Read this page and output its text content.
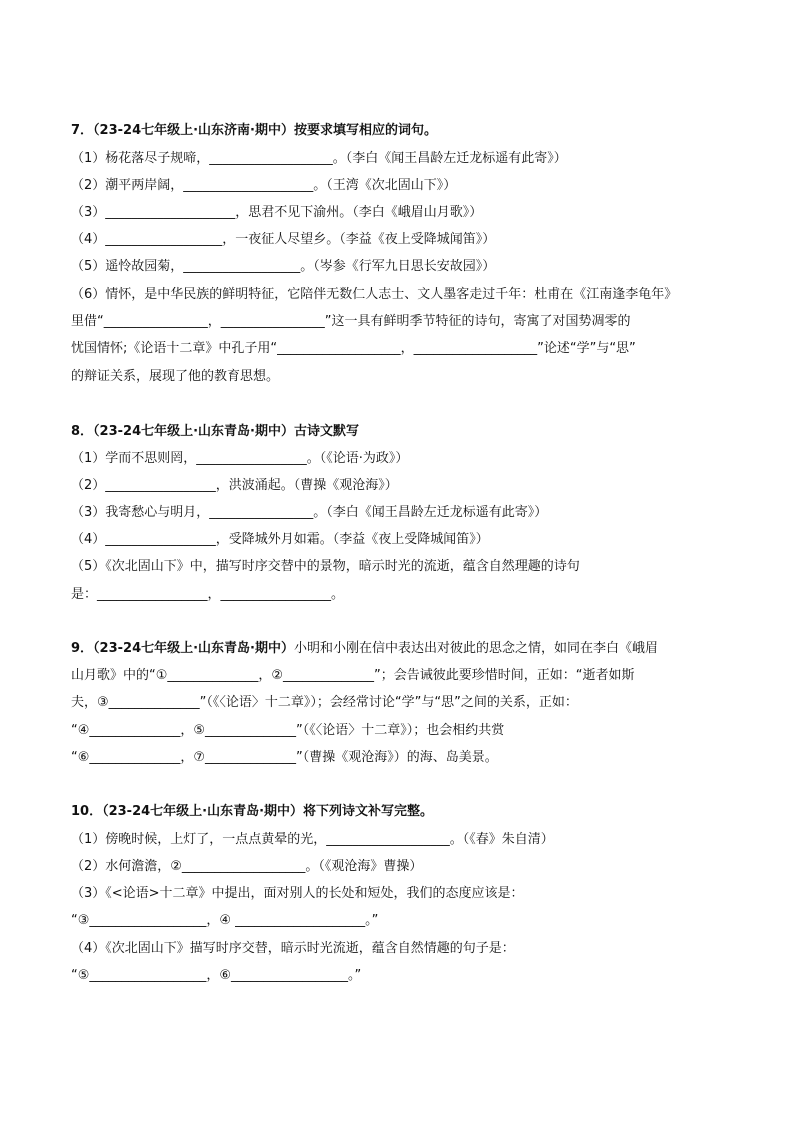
7．（23-24七年级上·山东济南·期中）按要求填写相应的词句。
（1）杨花落尽子规啼，___________________。（李白《闻王昌龄左迁龙标遥有此寄》）
（2）潮平两岸阔，____________________。（王湾《次北固山下》）
（3）____________________，思君不见下渝州。（李白《峨眉山月歌》）
（4）__________________，一夜征人尽望乡。（李益《夜上受降城闻笛》）
（5）遥怜故园菊，__________________。（岑参《行军九日思长安故园》）
（6）情怀，是中华民族的鲜明特征，它陪伴无数仁人志士、文人墨客走过千年：杜甫在《江南逢李龟年》
里借“________________，________________”这一具有鲜明季节特征的诗句，寄寓了对国势凋零的
忧国情怀;《论语十二章》中孔子用“___________________，___________________”论述“学”与“思”
的辩证关系，展现了他的教育思想。
8．（23-24七年级上·山东青岛·期中）古诗文默写
（1）学而不思则罔，_________________。（《论语·为政》）
（2）_________________，洪波涌起。（曹操《观沧海》）
（3）我寄愁心与明月，________________。（李白《闻王昌龄左迁龙标遥有此寄》）
（4）_________________，受降城外月如霜。（李益《夜上受降城闻笛》）
（5）《次北固山下》中，描写时序交替中的景物，暗示时光的流逝，蕴含自然理趣的诗句
是：_________________，_________________。
9．（23-24七年级上·山东青岛·期中）小明和小刚在信中表达出对彼此的思念之情，如同在李白《峨眉
山月歌》中的“①______________，②______________”；会告诫彼此要珍惜时间，正如：“逝者如斯
夫，③______________”（《〈论语〉十二章》）；会经常讨论“学”与“思”之间的关系，正如：
“④______________，⑤______________”（《〈论语〉十二章》）；也会相约共赏
“⑥______________，⑦______________”（曹操《观沧海》）的海、岛美景。
10．（23-24七年级上·山东青岛·期中）将下列诗文补写完整。
（1）傍晚时候，上灯了，一点点黄晕的光，___________________。（《春》朱自清）
（2）水何澹澹，②___________________。（《观沧海》曹操）
（3）《<论语>十二章》中提出，面对别人的长处和短处，我们的态度应该是：
“③__________________，④ ____________________。”
（4）《次北固山下》描写时序交替，暗示时光流逝，蕴含自然情趣的句子是：
“⑤__________________，⑥__________________。”
